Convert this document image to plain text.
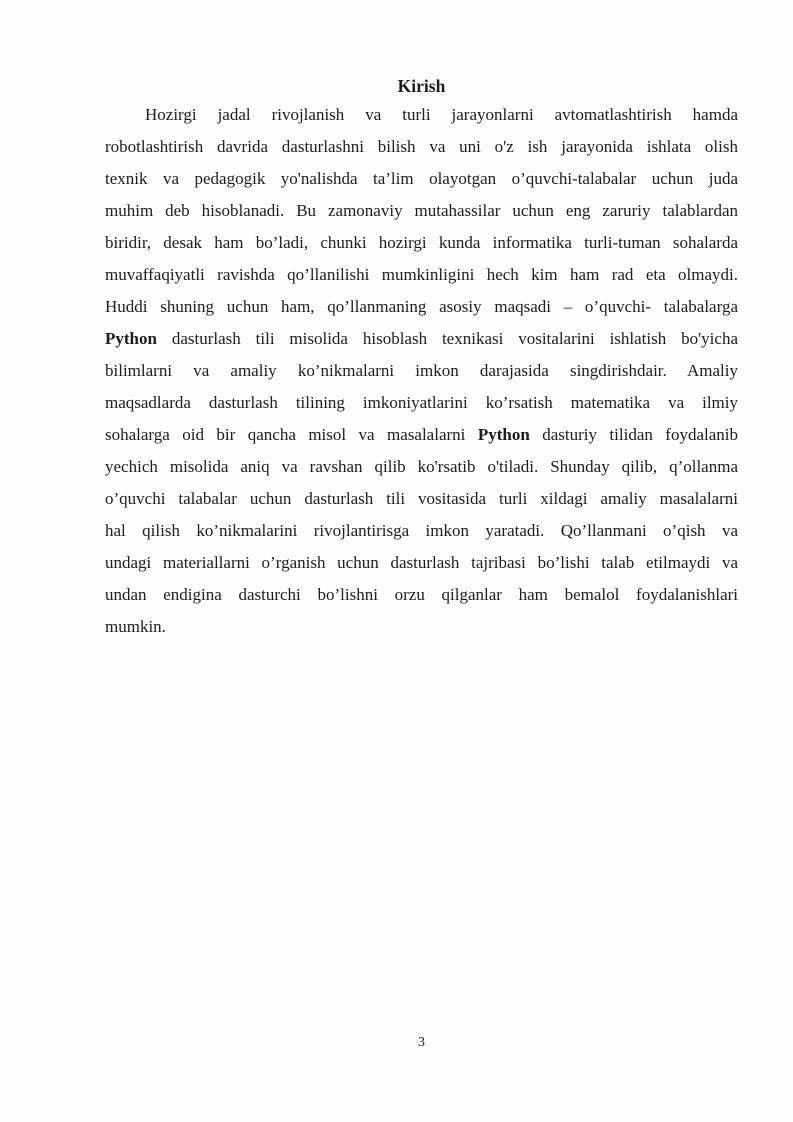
Kirish
Hozirgi jadal rivojlanish va turli jarayonlarni avtomatlashtirish hamda
robotlashtirish davrida dasturlashni bilish va uni o'z ish jarayonida ishlata olish
texnik va pedagogik yo'nalishda ta’lim olayotgan o’quvchi-talabalar uchun juda
muhim deb hisoblanadi. Bu zamonaviy mutahassilar uchun eng zaruriy talablardan
biridir, desak ham bo’ladi, chunki hozirgi kunda informatika turli-tuman sohalarda
muvaffaqiyatli ravishda qo’llanilishi mumkinligini hech kim ham rad eta olmaydi.
Huddi shuning uchun ham, qo’llanmaning asosiy maqsadi – o’quvchi- talabalarga
Python dasturlash tili misolida hisoblash texnikasi vositalarini ishlatish bo'yicha
bilimlarni va amaliy ko’nikmalarni imkon darajasida singdirishdair. Amaliy
maqsadlarda dasturlash tilining imkoniyatlarini ko’rsatish matematika va ilmiy
sohalarga oid bir qancha misol va masalalarni Python dasturiy tilidan foydalanib
yechich misolida aniq va ravshan qilib ko'rsatib o'tiladi. Shunday qilib, q’ollanma
o’quvchi talabalar uchun dasturlash tili vositasida turli xildagi amaliy masalalarni
hal qilish ko’nikmalarini rivojlantirisga imkon yaratadi. Qo’llanmani o’qish va
undagi materiallarni o’rganish uchun dasturlash tajribasi bo’lishi talab etilmaydi va
undan endigina dasturchi bo’lishni orzu qilganlar ham bemalol foydalanishlari
mumkin.
3
